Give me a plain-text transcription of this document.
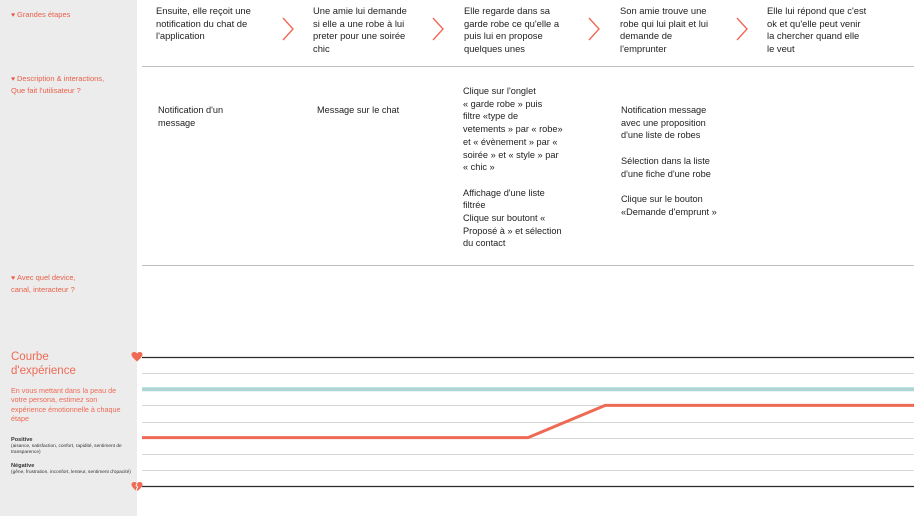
♥ Grandes étapes
♥ Description & interactions,
Que fait l'utilisateur ?
♥ Avec quel device,
canal, interacteur ?
Courbe
d'expérience
En vous mettant dans la peau de votre persona, estimez son expérience émotionnelle à chaque étape
Positive
(aisance, satisfaction, confort, rapidité, sentiment de transparence)
Négative
(gêne, frustration, inconfort, lenteur, sentiment d'opacité)
Ensuite, elle reçoit une
notification du chat de
l'application
Une amie lui demande
si elle a une robe à lui
preter pour une soirée
chic
Elle regarde dans sa
garde robe ce qu'elle a
puis lui en propose
quelques unes
Son amie trouve une
robe qui lui plait et lui
demande de
l'emprunter
Elle lui répond que c'est
ok et qu'elle peut venir
la chercher quand elle
le veut
Notification d'un
message
Message sur le chat
Clique sur l'onglet
« garde robe » puis
filtre «type de
vetements » par « robe»
et « évènement » par «
soirée » et « style » par
« chic »

Affichage d'une liste
filtrée
Clique sur boutont «
Proposé à » et sélection
du contact
Notification message
avec une proposition
d'une liste de robes

Sélection dans la liste
d'une fiche d'une robe

Clique sur le bouton
«Demande d'emprunt »
